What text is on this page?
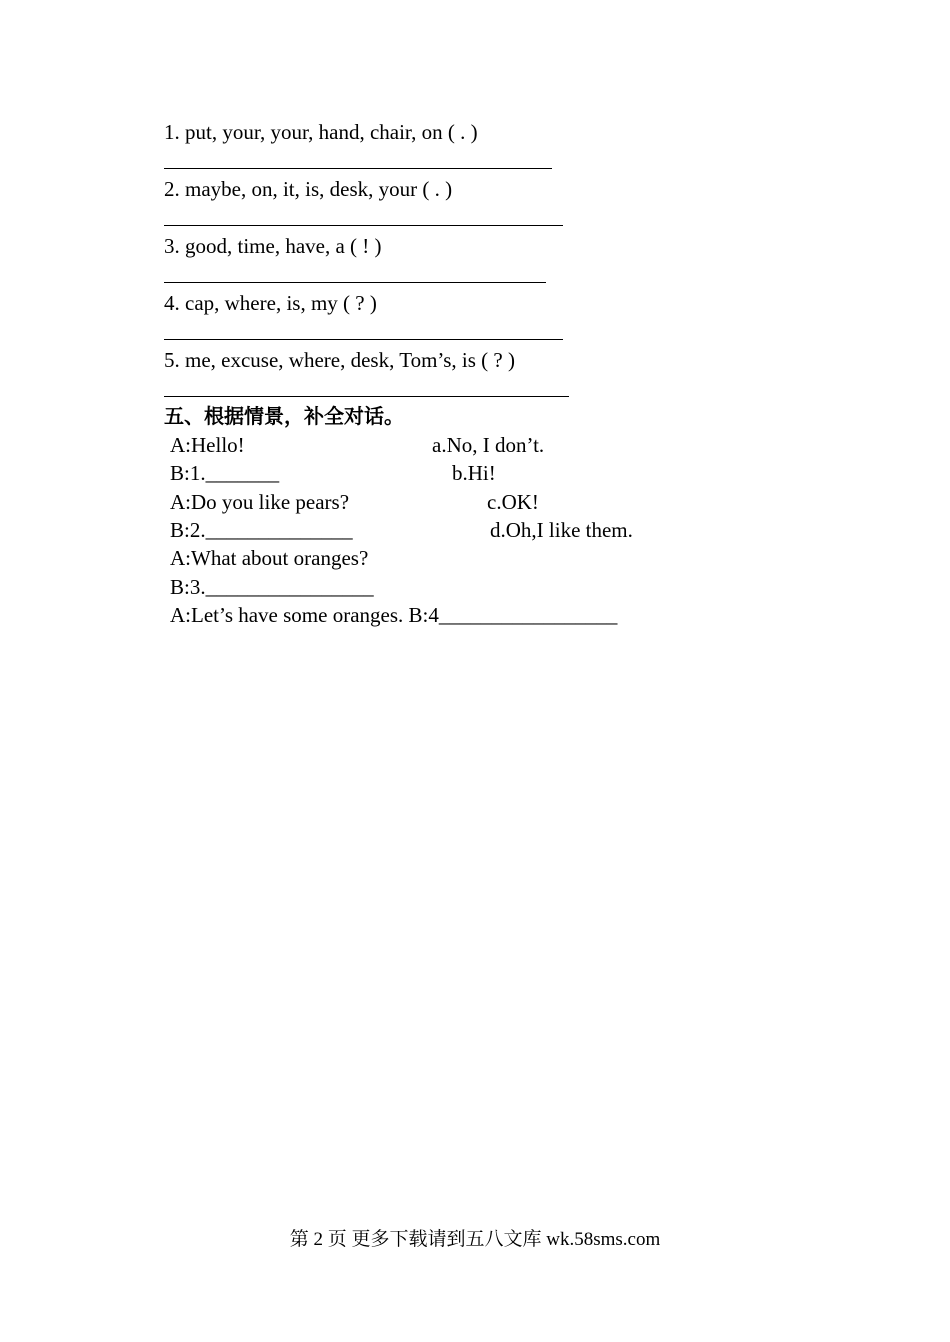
1. put, your, your, hand, chair, on ( . )
2. maybe, on, it, is, desk, your ( . )
3. good, time, have, a ( ! )
4. cap, where, is, my ( ? )
5. me, excuse, where, desk, Tom’s, is ( ? )
五、根据情景，补全对话。
A:Hello!
B:1._______
A:Do you like pears?
B:2.______________
A:What about oranges?
B:3.________________
A:Let’s have some oranges. B:4_________________
a.No, I don’t.
b.Hi!
c.OK!
d.Oh,I like them.
第 2 页 更多下载请到五八文库 wk.58sms.com
